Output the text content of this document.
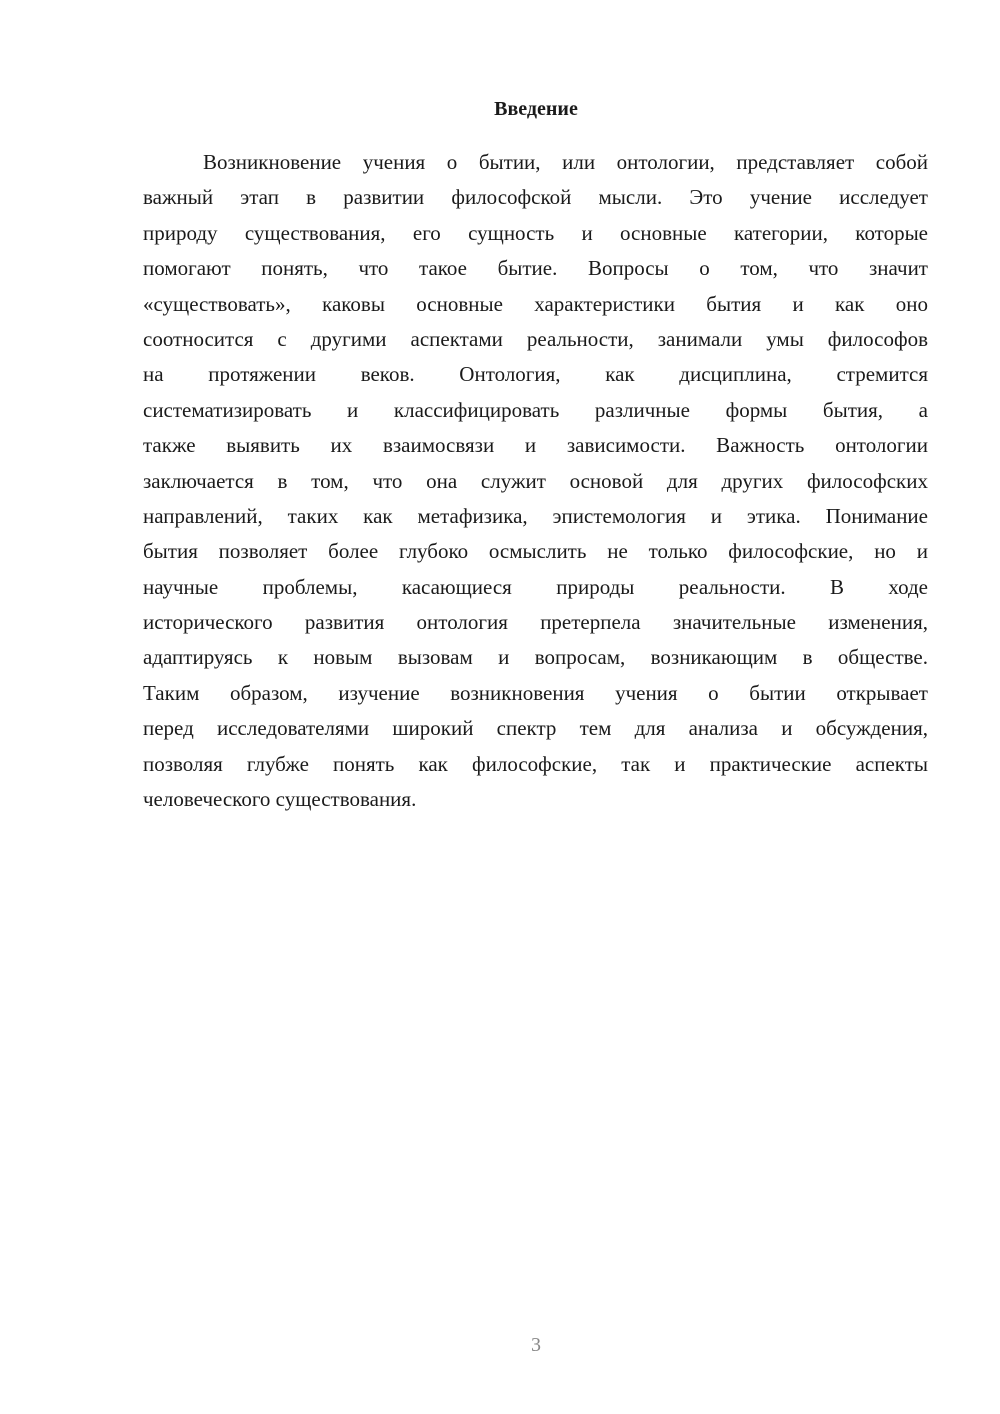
Введение
Возникновение учения о бытии, или онтологии, представляет собой
важный этап в развитии философской мысли. Это учение исследует
природу существования, его сущность и основные категории, которые
помогают понять, что такое бытие. Вопросы о том, что значит
«существовать», каковы основные характеристики бытия и как оно
соотносится с другими аспектами реальности, занимали умы философов
на протяжении веков. Онтология, как дисциплина, стремится
систематизировать и классифицировать различные формы бытия, а
также выявить их взаимосвязи и зависимости. Важность онтологии
заключается в том, что она служит основой для других философских
направлений, таких как метафизика, эпистемология и этика. Понимание
бытия позволяет более глубоко осмыслить не только философские, но и
научные проблемы, касающиеся природы реальности. В ходе
исторического развития онтология претерпела значительные изменения,
адаптируясь к новым вызовам и вопросам, возникающим в обществе.
Таким образом, изучение возникновения учения о бытии открывает
перед исследователями широкий спектр тем для анализа и обсуждения,
позволяя глубже понять как философские, так и практические аспекты
человеческого существования.
3
